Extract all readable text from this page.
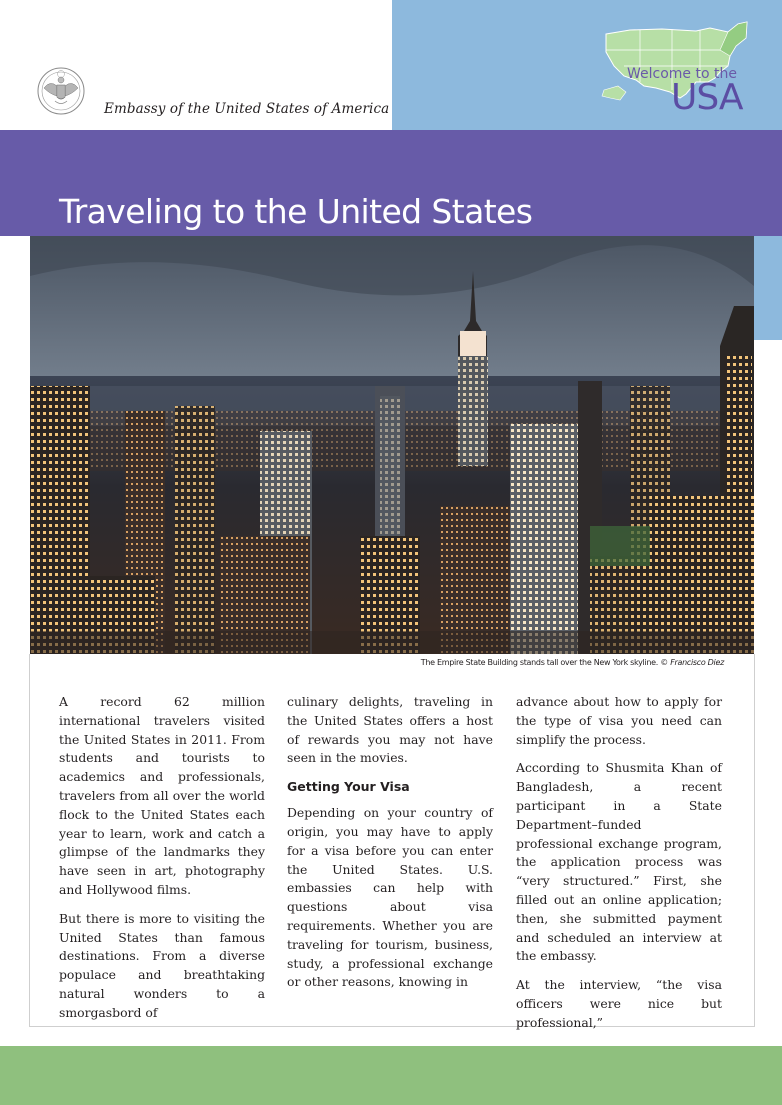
Embassy of the United States of America
Welcome to the
USA
Traveling to the United States
The Empire State Building stands tall over the New York skyline. © Francisco Diez

A record 62 million international travelers visited the United States in 2011. From students and tourists to academics and professionals, travelers from all over the world flock to the United States each year to learn, work and catch a glimpse of the landmarks they have seen in art, photography and Hollywood films.

But there is more to visiting the United States than famous destinations. From a diverse populace and breathtaking natural wonders to a smorgasbord of

culinary delights, traveling in the United States offers a host of rewards you may not have seen in the movies.

Getting Your Visa

Depending on your country of origin, you may have to apply for a visa before you can enter the United States. U.S. embassies can help with questions about visa requirements. Whether you are traveling for tourism, business, study, a professional exchange or other reasons, knowing in

advance about how to apply for the type of visa you need can simplify the process.

According to Shusmita Khan of Bangladesh, a recent participant in a State Department–funded professional exchange program, the application process was “very structured.” First, she filled out an online application; then, she submitted payment and scheduled an interview at the embassy.

At the interview, “the visa officers were nice but professional,”
